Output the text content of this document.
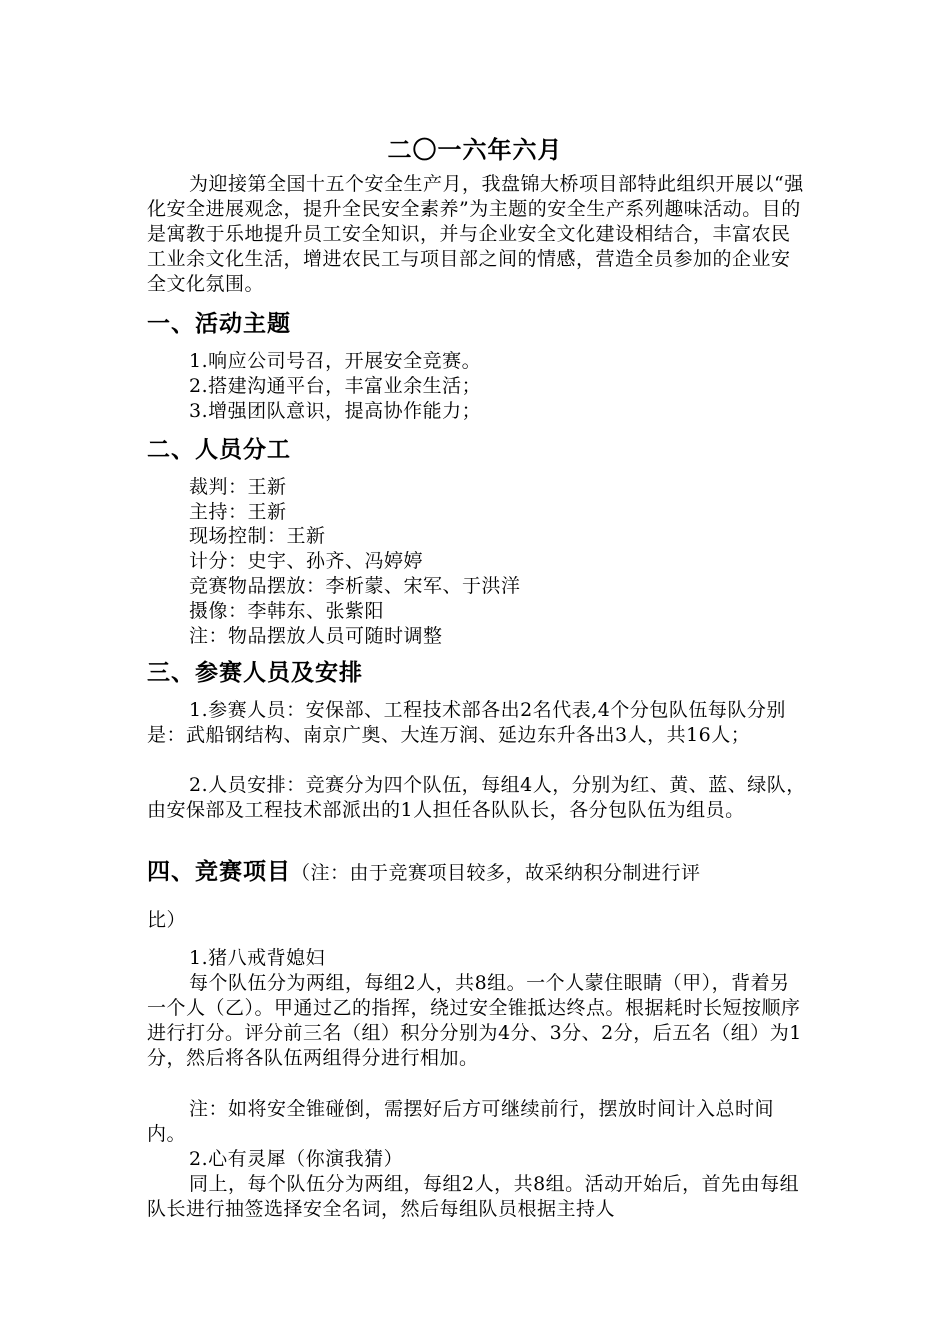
二〇一六年六月
为迎接第全国十五个安全生产月，我盘锦大桥项目部特此组织开展以“强化安全进展观念，提升全民安全素养”为主题的安全生产系列趣味活动。目的是寓教于乐地提升员工安全知识，并与企业安全文化建设相结合，丰富农民工业余文化生活，增进农民工与项目部之间的情感，营造全员参加的企业安全文化氛围。
一、活动主题
1.响应公司号召，开展安全竞赛。
2.搭建沟通平台，丰富业余生活；
3.增强团队意识，提高协作能力；
二、人员分工
裁判：王新
主持：王新
现场控制：王新
计分：史宇、孙齐、冯婷婷
竞赛物品摆放：李析蒙、宋军、于洪洋
摄像：李韩东、张紫阳
注：物品摆放人员可随时调整
三、参赛人员及安排
1.参赛人员：安保部、工程技术部各出2名代表,4个分包队伍每队分别是：武船钢结构、南京广奥、大连万润、延边东升各出3人，共16人；
2.人员安排：竞赛分为四个队伍，每组4人，分别为红、黄、蓝、绿队，由安保部及工程技术部派出的1人担任各队队长，各分包队伍为组员。
四、竞赛项目（注：由于竞赛项目较多，故采纳积分制进行评
比）
1.猪八戒背媳妇
每个队伍分为两组，每组2人，共8组。一个人蒙住眼睛（甲），背着另一个人（乙）。甲通过乙的指挥，绕过安全锥抵达终点。根据耗时长短按顺序进行打分。评分前三名（组）积分分别为4分、3分、2分，后五名（组）为1分，然后将各队伍两组得分进行相加。
注：如将安全锥碰倒，需摆好后方可继续前行，摆放时间计入总时间内。
2.心有灵犀（你演我猜）
同上，每个队伍分为两组，每组2人，共8组。活动开始后，首先由每组队长进行抽签选择安全名词，然后每组队员根据主持人
